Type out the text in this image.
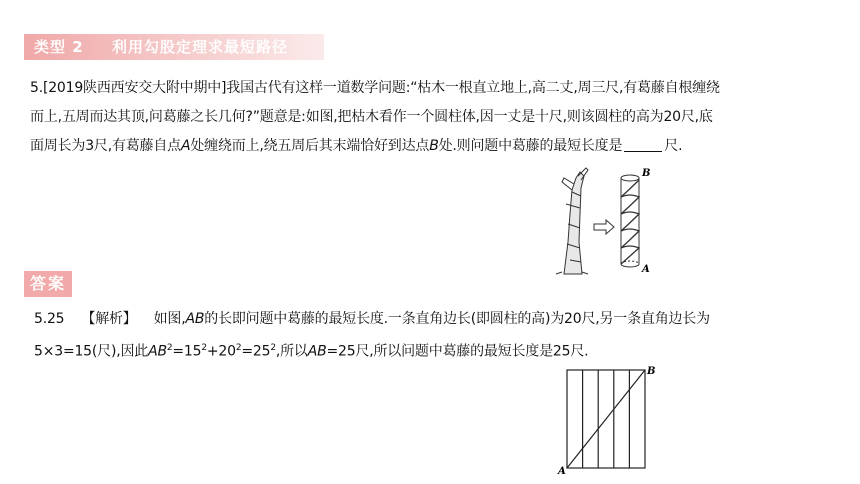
类型 2 利用勾股定理求最短路径

5.[2019陕西西安交大附中期中]我国古代有这样一道数学问题:“枯木一根直立地上,高二丈,周三尺,有葛藤自根缠绕

而上,五周而达其顶,问葛藤之长几何?”题意是:如图,把枯木看作一个圆柱体,因一丈是十尺,则该圆柱的高为20尺,底

面周长为3尺,有葛藤自点A处缠绕而上,绕五周后其末端恰好到达点B处.则问题中葛藤的最短长度是	尺.

B
A
答案

5.25 【解析】 如图,AB的长即问题中葛藤的最短长度.一条直角边长(即圆柱的高)为20尺,另一条直角边长为

5×3=15(尺),因此$AB^2=15^2+20^2=25^2$,所以AB=25尺,所以问题中葛藤的最短长度是25尺.

B
A
